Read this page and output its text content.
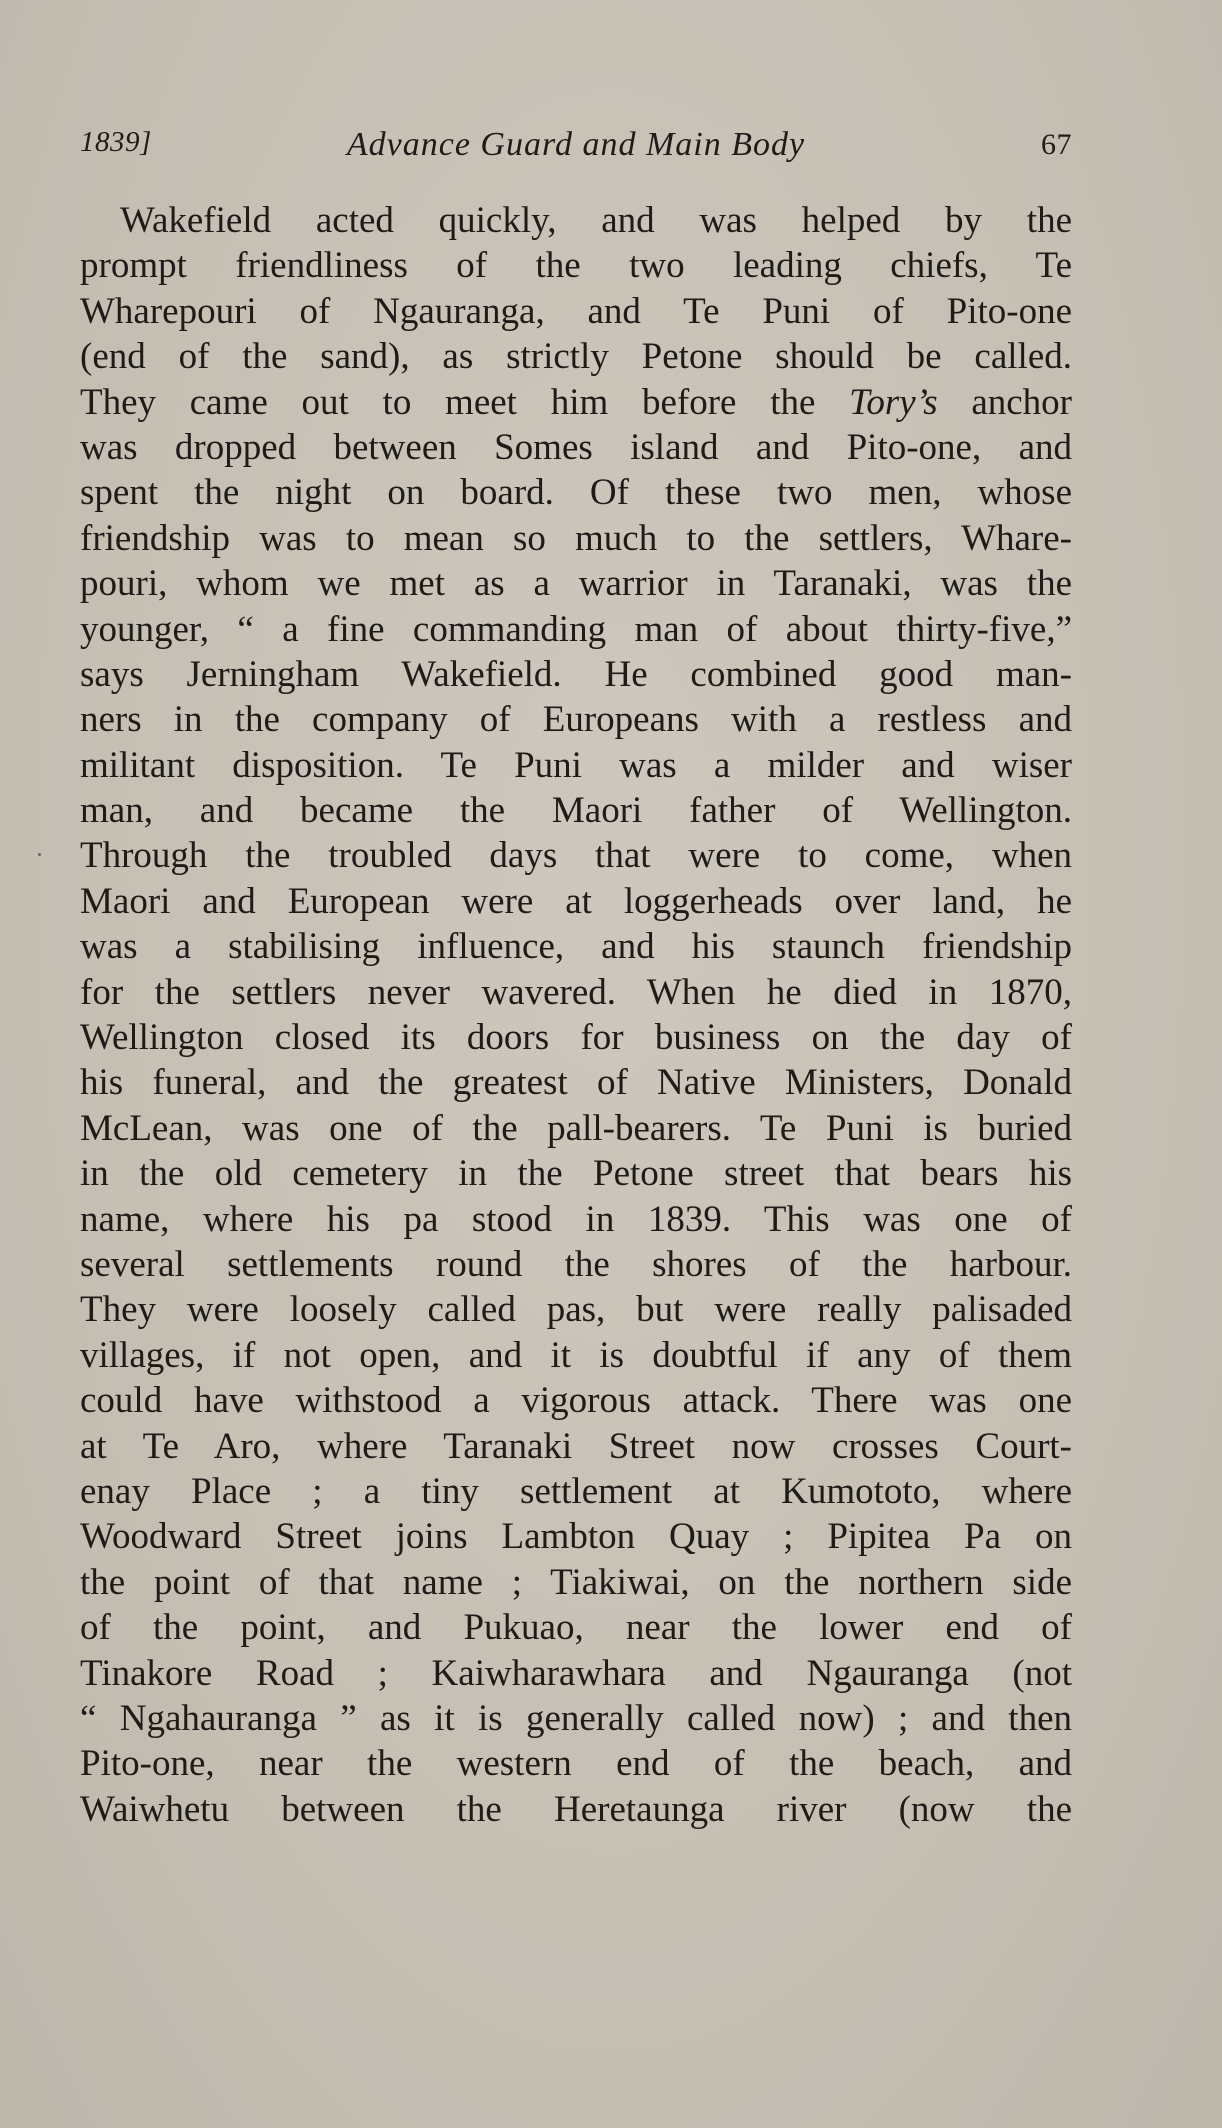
1839]	Advance Guard and Main Body	67
Wakefield acted quickly, and was helped by the
prompt friendliness of the two leading chiefs, Te
Wharepouri of Ngauranga, and Te Puni of Pito-one
(end of the sand), as strictly Petone should be called.
They came out to meet him before the Tory’s anchor
was dropped between Somes island and Pito-one, and
spent the night on board. Of these two men, whose
friendship was to mean so much to the settlers, Whare-
pouri, whom we met as a warrior in Taranaki, was the
younger, “ a fine commanding man of about thirty-five,”
says Jerningham Wakefield. He combined good man-
ners in the company of Europeans with a restless and
militant disposition. Te Puni was a milder and wiser
man, and became the Maori father of Wellington.
Through the troubled days that were to come, when
Maori and European were at loggerheads over land, he
was a stabilising influence, and his staunch friendship
for the settlers never wavered. When he died in 1870,
Wellington closed its doors for business on the day of
his funeral, and the greatest of Native Ministers, Donald
McLean, was one of the pall-bearers. Te Puni is buried
in the old cemetery in the Petone street that bears his
name, where his pa stood in 1839. This was one of
several settlements round the shores of the harbour.
They were loosely called pas, but were really palisaded
villages, if not open, and it is doubtful if any of them
could have withstood a vigorous attack. There was one
at Te Aro, where Taranaki Street now crosses Court-
enay Place ; a tiny settlement at Kumototo, where
Woodward Street joins Lambton Quay ; Pipitea Pa on
the point of that name ; Tiakiwai, on the northern side
of the point, and Pukuao, near the lower end of
Tinakore Road ; Kaiwharawhara and Ngauranga (not
“ Ngahauranga ” as it is generally called now) ; and then
Pito-one, near the western end of the beach, and
Waiwhetu between the Heretaunga river (now the
